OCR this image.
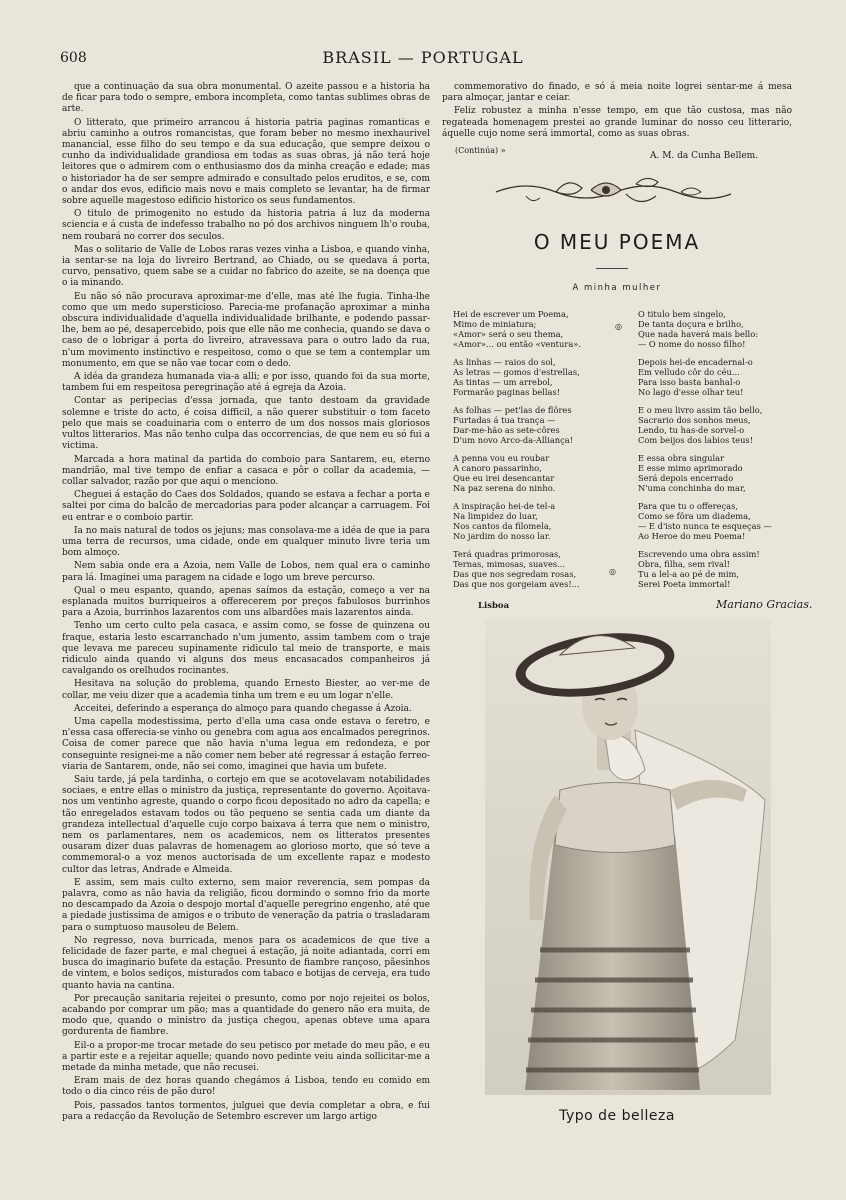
608	BRASIL — PORTUGAL

que a continuação da sua obra monumental. O azeite passou e a historia ha de ficar para todo o sempre, embora incompleta, como tantas sublimes obras de arte.

O litterato, que primeiro arrancou á historia patria paginas romanticas e abriu caminho a outros romancistas, que foram beber no mesmo inexhaurivel manancial, esse filho do seu tempo e da sua educação, que sempre deixou o cunho da individualidade grandiosa em todas as suas obras, já não terá hoje leitores que o admirem com o enthusiasmo dos da minha creação e edade; mas o historiador ha de ser sempre admirado e consultado pelos eruditos, e se, com o andar dos evos, edificio mais novo e mais completo se levantar, ha de firmar sobre aquelle magestoso edificio historico os seus fundamentos.

O titulo de primogenito no estudo da historia patria á luz da moderna sciencia e á custa de indefesso trabalho no pó dos archivos ninguem lh'o rouba, nem roubará no correr dos seculos.

Mas o solitario de Valle de Lobos raras vezes vinha a Lisboa, e quando vinha, ia sentar-se na loja do livreiro Bertrand, ao Chiado, ou se quedava á porta, curvo, pensativo, quem sabe se a cuidar no fabrico do azeite, se na doença que o ia minando.

Eu não só não procurava aproximar-me d'elle, mas até lhe fugia. Tinha-lhe como que um medo supersticioso. Parecia-me profanação aproximar a minha obscura individualidade d'aquella individualidade brilhante, e podendo passar-lhe, bem ao pé, desapercebido, pois que elle não me conhecia, quando se dava o caso de o lobrigar á porta do livreiro, atravessava para o outro lado da rua, n'um movimento instinctivo e respeitoso, como o que se tem a contemplar um monumento, em que se não vae tocar com o dedo.

A idéa da grandeza humanada via-a alli; e por isso, quando foi da sua morte, tambem fui em respeitosa peregrinação até á egreja da Azoia.

Contar as peripecias d'essa jornada, que tanto destoam da gravidade solemne e triste do acto, é coisa difficil, a não querer substituir o tom faceto pelo que mais se coaduinaria com o enterro de um dos nossos mais gloriosos vultos litterarios. Mas não tenho culpa das occorrencias, de que nem eu só fui a victima.

Marcada a hora matinal da partida do comboio para Santarem, eu, eterno mandrião, mal tive tempo de enfiar a casaca e pôr o collar da academia, — collar salvador, razão por que aqui o menciono.

Cheguei á estação do Caes dos Soldados, quando se estava a fechar a porta e saltei por cima do balcão de mercadorias para poder alcançar a carruagem. Foi eu entrar e o comboio partir.

Ia no mais natural de todos os jejuns; mas consolava-me a idéa de que ia para uma terra de recursos, uma cidade, onde em qualquer minuto livre teria um bom almoço.

Nem sabia onde era a Azoia, nem Valle de Lobos, nem qual era o caminho para lá. Imaginei uma paragem na cidade e logo um breve percurso.

Qual o meu espanto, quando, apenas saímos da estação, começo a ver na esplanada muitos burriqueiros a offerecerem por preços fabulosos burrinhos para a Azoia, burrinhos lazarentos com uns albardões mais lazarentos ainda.

Tenho um certo culto pela casaca, e assim como, se fosse de quinzena ou fraque, estaria lesto escarranchado n'um jumento, assim tambem com o traje que levava me pareceu supinamente ridiculo tal meio de transporte, e mais ridiculo ainda quando vi alguns dos meus encasacados companheiros já cavalgando os orelhudos rocinantes.

Hesitava na solução do problema, quando Ernesto Biester, ao ver-me de collar, me veiu dizer que a academia tinha um trem e eu um logar n'elle.

Acceitei, deferindo a esperança do almoço para quando chegasse á Azoia.

Uma capella modestissima, perto d'ella uma casa onde estava o feretro, e n'essa casa offerecia-se vinho ou genebra com agua aos encalmados peregrinos. Coisa de comer parece que não havia n'uma legua em redondeza, e por conseguinte resignei-me a não comer nem beber até regressar á estação ferreo-viaria de Santarem, onde, não sei como, imaginei que havia um bufete.

Saiu tarde, já pela tardinha, o cortejo em que se acotovelavam notabilidades sociaes, e entre ellas o ministro da justiça, representante do governo. Açoitava-nos um ventinho agreste, quando o corpo ficou depositado no adro da capella; e tão enregelados estavam todos ou tão pequeno se sentia cada um diante da grandeza intellectual d'aquelle cujo corpo baixava á terra que nem o ministro, nem os parlamentares, nem os academicos, nem os litteratos presentes ousaram dizer duas palavras de homenagem ao glorioso morto, que só teve a commemoral-o a voz menos auctorisada de um excellente rapaz e modesto cultor das letras, Andrade e Almeida.

E assim, sem mais culto externo, sem maior reverencia, sem pompas da palavra, como as não havia da religião, ficou dormindo o somno frio da morte no descampado da Azoia o despojo mortal d'aquelle peregrino engenho, até que a piedade justissima de amigos e o tributo de veneração da patria o trasladaram para o sumptuoso mausoleu de Belem.

No regresso, nova burricada, menos para os academicos de que tive a felicidade de fazer parte, e mal cheguei á estação, já noite adiantada, corri em busca do imaginario bufete da estação. Presunto de fiambre rançoso, pãesinhos de vintem, e bolos sediços, misturados com tabaco e botijas de cerveja, era tudo quanto havia na cantina.

Por precaução sanitaria rejeitei o presunto, como por nojo rejeitei os bolos, acabando por comprar um pão; mas a quantidade do genero não era muita, de modo que, quando o ministro da justiça chegou, apenas obteve uma apara gordurenta de fiambre.

Eil-o a propor-me trocar metade do seu petisco por metade do meu pão, e eu a partir este e a rejeitar aquelle; quando novo pedinte veiu ainda sollicitar-me a metade da minha metade, que não recusei.

Eram mais de dez horas quando chegámos á Lisboa, tendo eu comido em todo o dia cinco réis de pão duro!

Pois, passados tantos tormentos, julguei que devia completar a obra, e fui para a redacção da Revolução de Setembro escrever um largo artigo

commemorativo do finado, e só á meia noite logrei sentar-me á mesa para almoçar, jantar e ceiar.

Feliz robustez a minha n'esse tempo, em que tão custosa, mas não regateada homenagem prestei ao grande luminar do nosso ceu litterario, áquelle cujo nome será immortal, como as suas obras.

(Continúa) »
A. M. da Cunha Bellem.
O MEU POEMA
A minha mulher
Hei de escrever um Poema,
Mimo de miniatura;
«Amor» será o seu thema,
«Amor»... ou então «ventura».
As linhas — raios do sol,
As letras — gomos d'estrellas,
As tintas — um arrebol,
Formarão paginas bellas!
As folhas — pet'las de flôres
Furtadas á tua trança —
Dar-me-hão as sete-côres
D'um novo Arco-da-Alliança!
A penna vou eu roubar
A canoro passarinho,
Que eu irei desencantar
Na paz serena do ninho.
A inspiração hei-de tel-a
Na limpidez do luar,
Nos cantos da filomela,
No jardim do nosso lar.
Terá quadras primorosas,
Ternas, mimosas, suaves...
Das que nos segredam rosas,
Das que nos gorgeiam aves!...
O titulo bem singelo,
De tanta doçura e brilho,
Que nada haverá mais bello:
— O nome do nosso filho!
Depois hei-de encadernal-o
Em velludo côr do céu...
Para isso basta banhal-o
No lago d'esse olhar teu!
E o meu livro assim tão bello,
Sacrario dos sonhos meus,
Lendo, tu has-de sorvel-o
Com beijos dos labios teus!
E essa obra singular
E esse mimo aprimorado
Será depois encerrado
N'uma conchinha do mar,
Para que tu o offereças,
Como se fôra um diadema,
— E d'isto nunca te esqueças —
Ao Heroe do meu Poema!
Escrevendo uma obra assim!
Obra, filha, sem rival!
Tu a lel-a ao pé de mim,
Serei Poeta immortal!
◎
◎
Lisboa	Mariano Gracias.
Typo de belleza
